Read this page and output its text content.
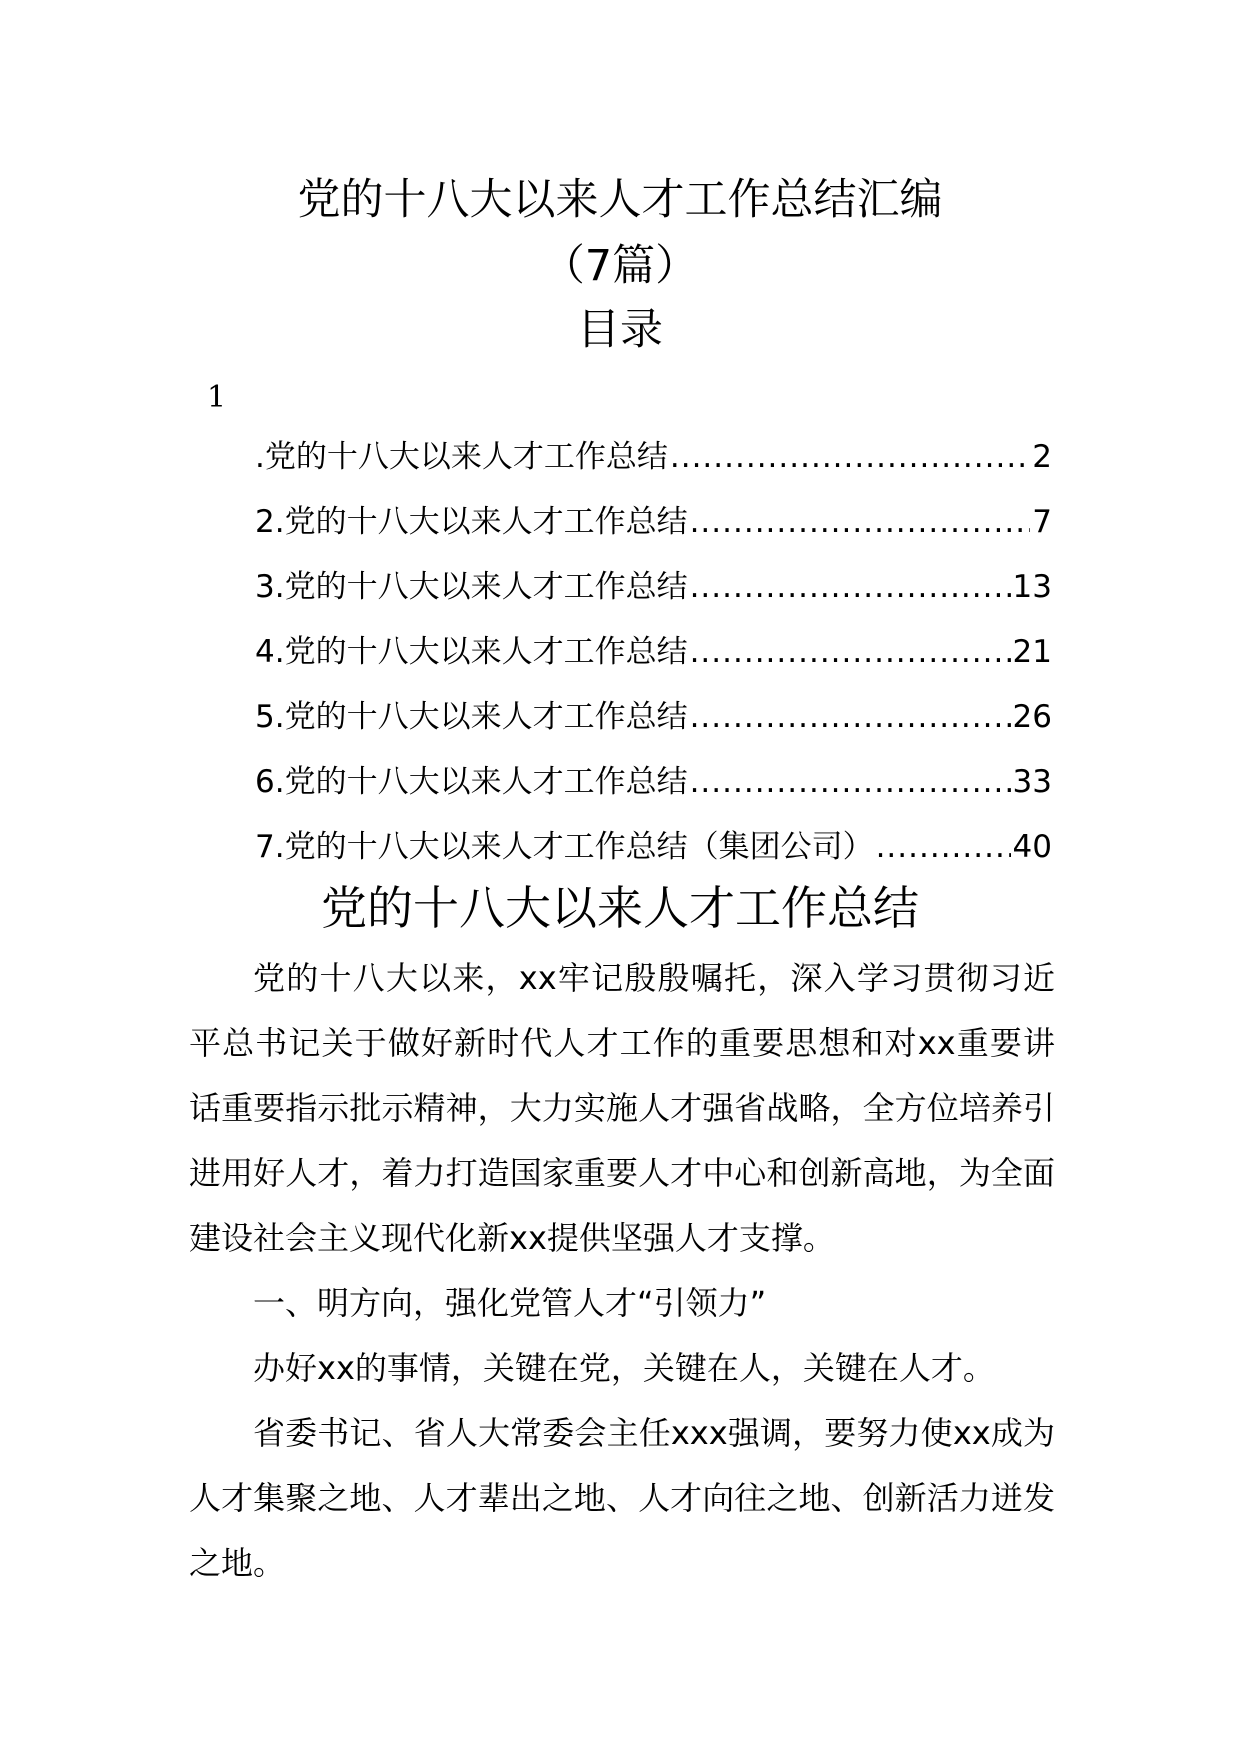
党的十八大以来人才工作总结汇编
（7篇）
目录
1
.党的十八大以来人才工作总结 .....	2
2.党的十八大以来人才工作总结 .....	7
3.党的十八大以来人才工作总结 .....	13
4.党的十八大以来人才工作总结 .....	21
5.党的十八大以来人才工作总结 .....	26
6.党的十八大以来人才工作总结 .....	33
7.党的十八大以来人才工作总结（集团公司） .....	40
党的十八大以来人才工作总结

党的十八大以来，xx牢记殷殷嘱托，深入学习贯彻习近平总书记关于做好新时代人才工作的重要思想和对xx重要讲话重要指示批示精神，大力实施人才强省战略，全方位培养引进用好人才，着力打造国家重要人才中心和创新高地，为全面建设社会主义现代化新xx提供坚强人才支撑。

一、明方向，强化党管人才“引领力”

办好xx的事情，关键在党，关键在人，关键在人才。

省委书记、省人大常委会主任xxx强调，要努力使xx成为人才集聚之地、人才辈出之地、人才向往之地、创新活力迸发之地。
